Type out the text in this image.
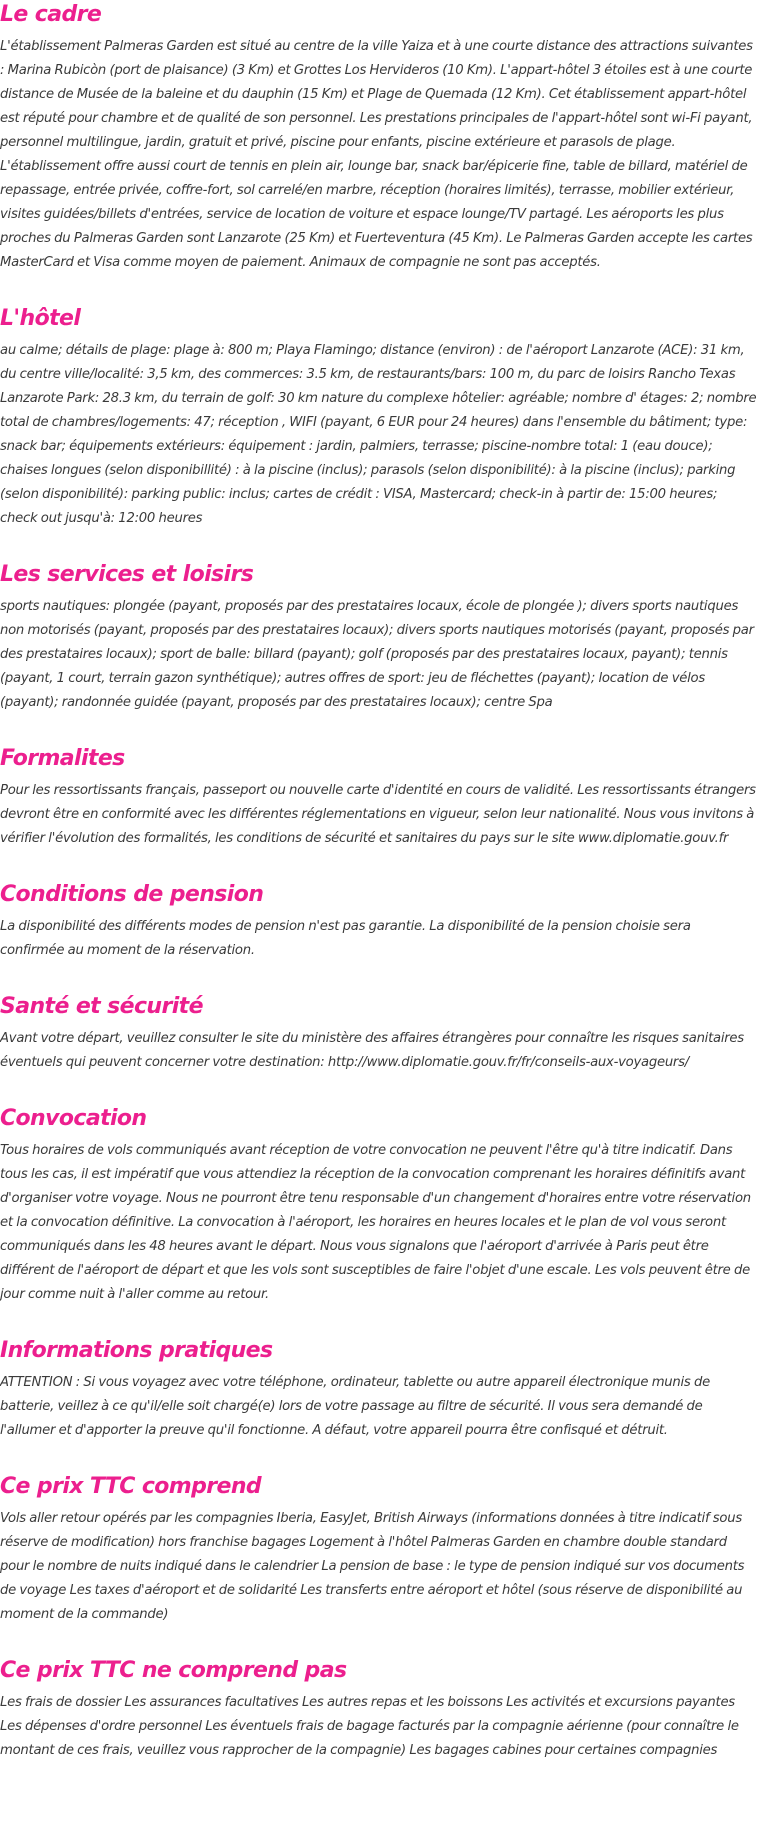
Le cadre

L'établissement Palmeras Garden est situé au centre de la ville Yaiza et à une courte distance des attractions suivantes : Marina Rubicòn (port de plaisance) (3 Km) et Grottes Los Hervideros (10 Km). L'appart-hôtel 3 étoiles est à une courte distance de Musée de la baleine et du dauphin (15 Km) et Plage de Quemada (12 Km). Cet établissement appart-hôtel est réputé pour chambre et de qualité de son personnel. Les prestations principales de l'appart-hôtel sont wi-Fi payant, personnel multilingue, jardin, gratuit et privé, piscine pour enfants, piscine extérieure et parasols de plage. L'établissement offre aussi court de tennis en plein air, lounge bar, snack bar/épicerie fine, table de billard, matériel de repassage, entrée privée, coffre-fort, sol carrelé/en marbre, réception (horaires limités), terrasse, mobilier extérieur, visites guidées/billets d'entrées, service de location de voiture et espace lounge/TV partagé. Les aéroports les plus proches du Palmeras Garden sont Lanzarote (25 Km) et Fuerteventura (45 Km). Le Palmeras Garden accepte les cartes MasterCard et Visa comme moyen de paiement. Animaux de compagnie ne sont pas acceptés.

L'hôtel

au calme; détails de plage: plage à: 800 m; Playa Flamingo; distance (environ) : de l'aéroport Lanzarote (ACE): 31 km, du centre ville/localité: 3,5 km, des commerces: 3.5 km, de restaurants/bars: 100 m, du parc de loisirs Rancho Texas Lanzarote Park: 28.3 km, du terrain de golf: 30 km nature du complexe hôtelier: agréable; nombre d' étages: 2; nombre total de chambres/logements: 47; réception , WIFI (payant, 6 EUR pour 24 heures) dans l'ensemble du bâtiment; type: snack bar; équipements extérieurs: équipement : jardin, palmiers, terrasse; piscine-nombre total: 1 (eau douce); chaises longues (selon disponibillité) : à la piscine (inclus); parasols (selon disponibilité): à la piscine (inclus); parking (selon disponibilité): parking public: inclus; cartes de crédit : VISA, Mastercard; check-in à partir de: 15:00 heures; check out jusqu'à: 12:00 heures

Les services et loisirs

sports nautiques: plongée (payant, proposés par des prestataires locaux, école de plongée ); divers sports nautiques non motorisés (payant, proposés par des prestataires locaux); divers sports nautiques motorisés (payant, proposés par des prestataires locaux); sport de balle: billard (payant); golf (proposés par des prestataires locaux, payant); tennis (payant, 1 court, terrain gazon synthétique); autres offres de sport: jeu de fléchettes (payant); location de vélos (payant); randonnée guidée (payant, proposés par des prestataires locaux); centre Spa

Formalites

Pour les ressortissants français, passeport ou nouvelle carte d'identité en cours de validité. Les ressortissants étrangers devront être en conformité avec les différentes réglementations en vigueur, selon leur nationalité. Nous vous invitons à vérifier l'évolution des formalités, les conditions de sécurité et sanitaires du pays sur le site www.diplomatie.gouv.fr

Conditions de pension

La disponibilité des différents modes de pension n'est pas garantie. La disponibilité de la pension choisie sera confirmée au moment de la réservation.

Santé et sécurité

Avant votre départ, veuillez consulter le site du ministère des affaires étrangères pour connaître les risques sanitaires éventuels qui peuvent concerner votre destination: http://www.diplomatie.gouv.fr/fr/conseils-aux-voyageurs/

Convocation

Tous horaires de vols communiqués avant réception de votre convocation ne peuvent l'être qu'à titre indicatif. Dans tous les cas, il est impératif que vous attendiez la réception de la convocation comprenant les horaires définitifs avant d'organiser votre voyage. Nous ne pourront être tenu responsable d'un changement d'horaires entre votre réservation et la convocation définitive. La convocation à l'aéroport, les horaires en heures locales et le plan de vol vous seront communiqués dans les 48 heures avant le départ. Nous vous signalons que l'aéroport d'arrivée à Paris peut être différent de l'aéroport de départ et que les vols sont susceptibles de faire l'objet d'une escale. Les vols peuvent être de jour comme nuit à l'aller comme au retour.

Informations pratiques

ATTENTION : Si vous voyagez avec votre téléphone, ordinateur, tablette ou autre appareil électronique munis de batterie, veillez à ce qu'il/elle soit chargé(e) lors de votre passage au filtre de sécurité. Il vous sera demandé de l'allumer et d'apporter la preuve qu'il fonctionne. A défaut, votre appareil pourra être confisqué et détruit.

Ce prix TTC comprend

Vols aller retour opérés par les compagnies Iberia, EasyJet, British Airways (informations données à titre indicatif sous réserve de modification) hors franchise bagages Logement à l'hôtel Palmeras Garden en chambre double standard pour le nombre de nuits indiqué dans le calendrier La pension de base : le type de pension indiqué sur vos documents de voyage Les taxes d'aéroport et de solidarité Les transferts entre aéroport et hôtel (sous réserve de disponibilité au moment de la commande)

Ce prix TTC ne comprend pas

Les frais de dossier Les assurances facultatives Les autres repas et les boissons Les activités et excursions payantes Les dépenses d'ordre personnel Les éventuels frais de bagage facturés par la compagnie aérienne (pour connaître le montant de ces frais, veuillez vous rapprocher de la compagnie) Les bagages cabines pour certaines compagnies
